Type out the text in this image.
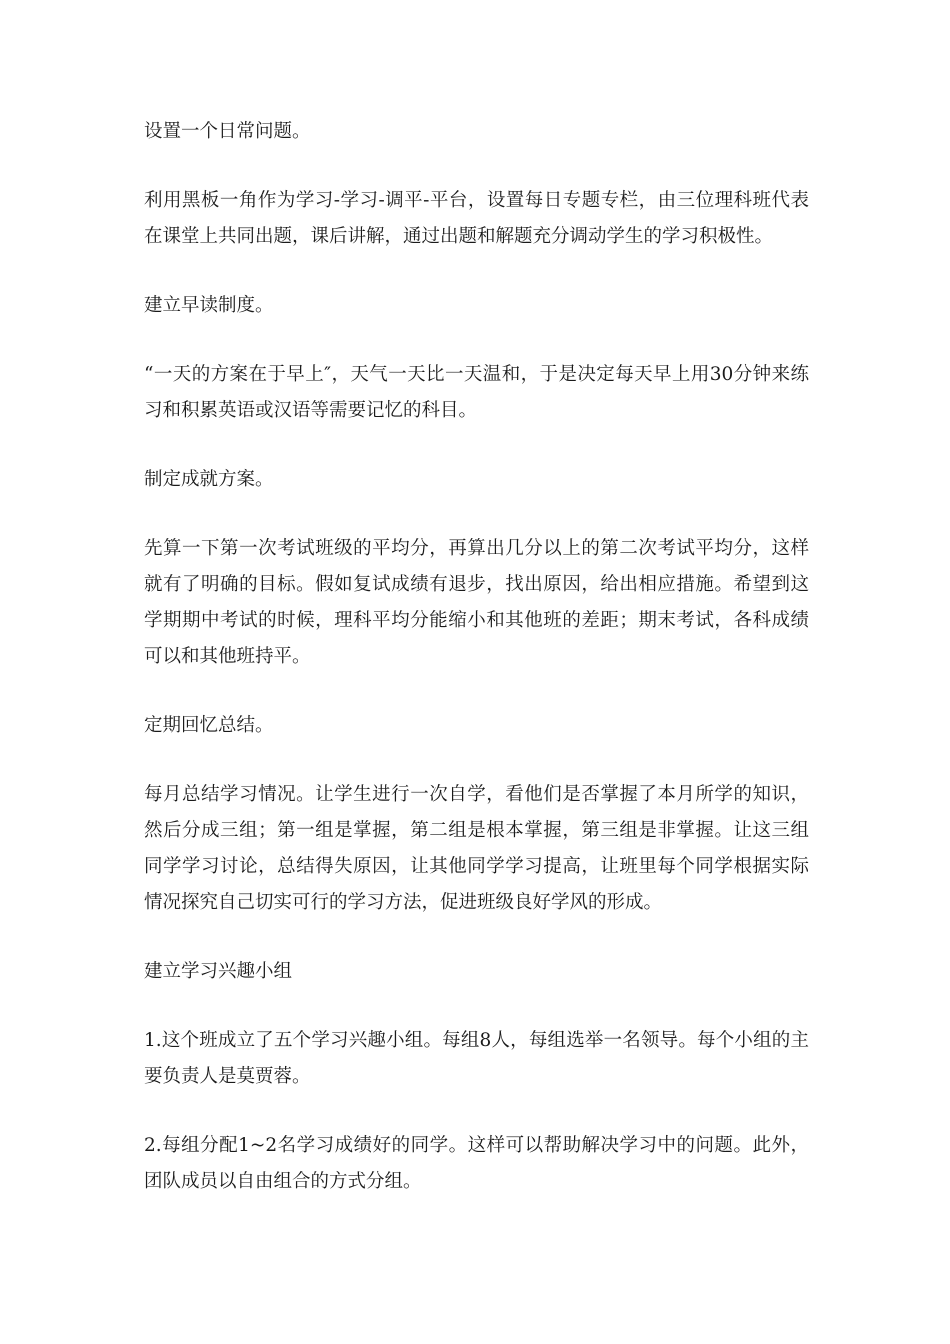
设置一个日常问题。

利用黑板一角作为学习-学习-调平-平台，设置每日专题专栏，由三位理科班代表在课堂上共同出题，课后讲解，通过出题和解题充分调动学生的学习积极性。

建立早读制度。

“一天的方案在于早上″，天气一天比一天温和，于是决定每天早上用30分钟来练习和积累英语或汉语等需要记忆的科目。

制定成就方案。

先算一下第一次考试班级的平均分，再算出几分以上的第二次考试平均分，这样就有了明确的目标。假如复试成绩有退步，找出原因，给出相应措施。希望到这学期期中考试的时候，理科平均分能缩小和其他班的差距；期末考试，各科成绩可以和其他班持平。

定期回忆总结。

每月总结学习情况。让学生进行一次自学，看他们是否掌握了本月所学的知识，然后分成三组；第一组是掌握，第二组是根本掌握，第三组是非掌握。让这三组同学学习讨论，总结得失原因，让其他同学学习提高，让班里每个同学根据实际情况探究自己切实可行的学习方法，促进班级良好学风的形成。

建立学习兴趣小组

1.这个班成立了五个学习兴趣小组。每组8人，每组选举一名领导。每个小组的主要负责人是莫贾蓉。

2.每组分配1~2名学习成绩好的同学。这样可以帮助解决学习中的问题。此外，团队成员以自由组合的方式分组。
